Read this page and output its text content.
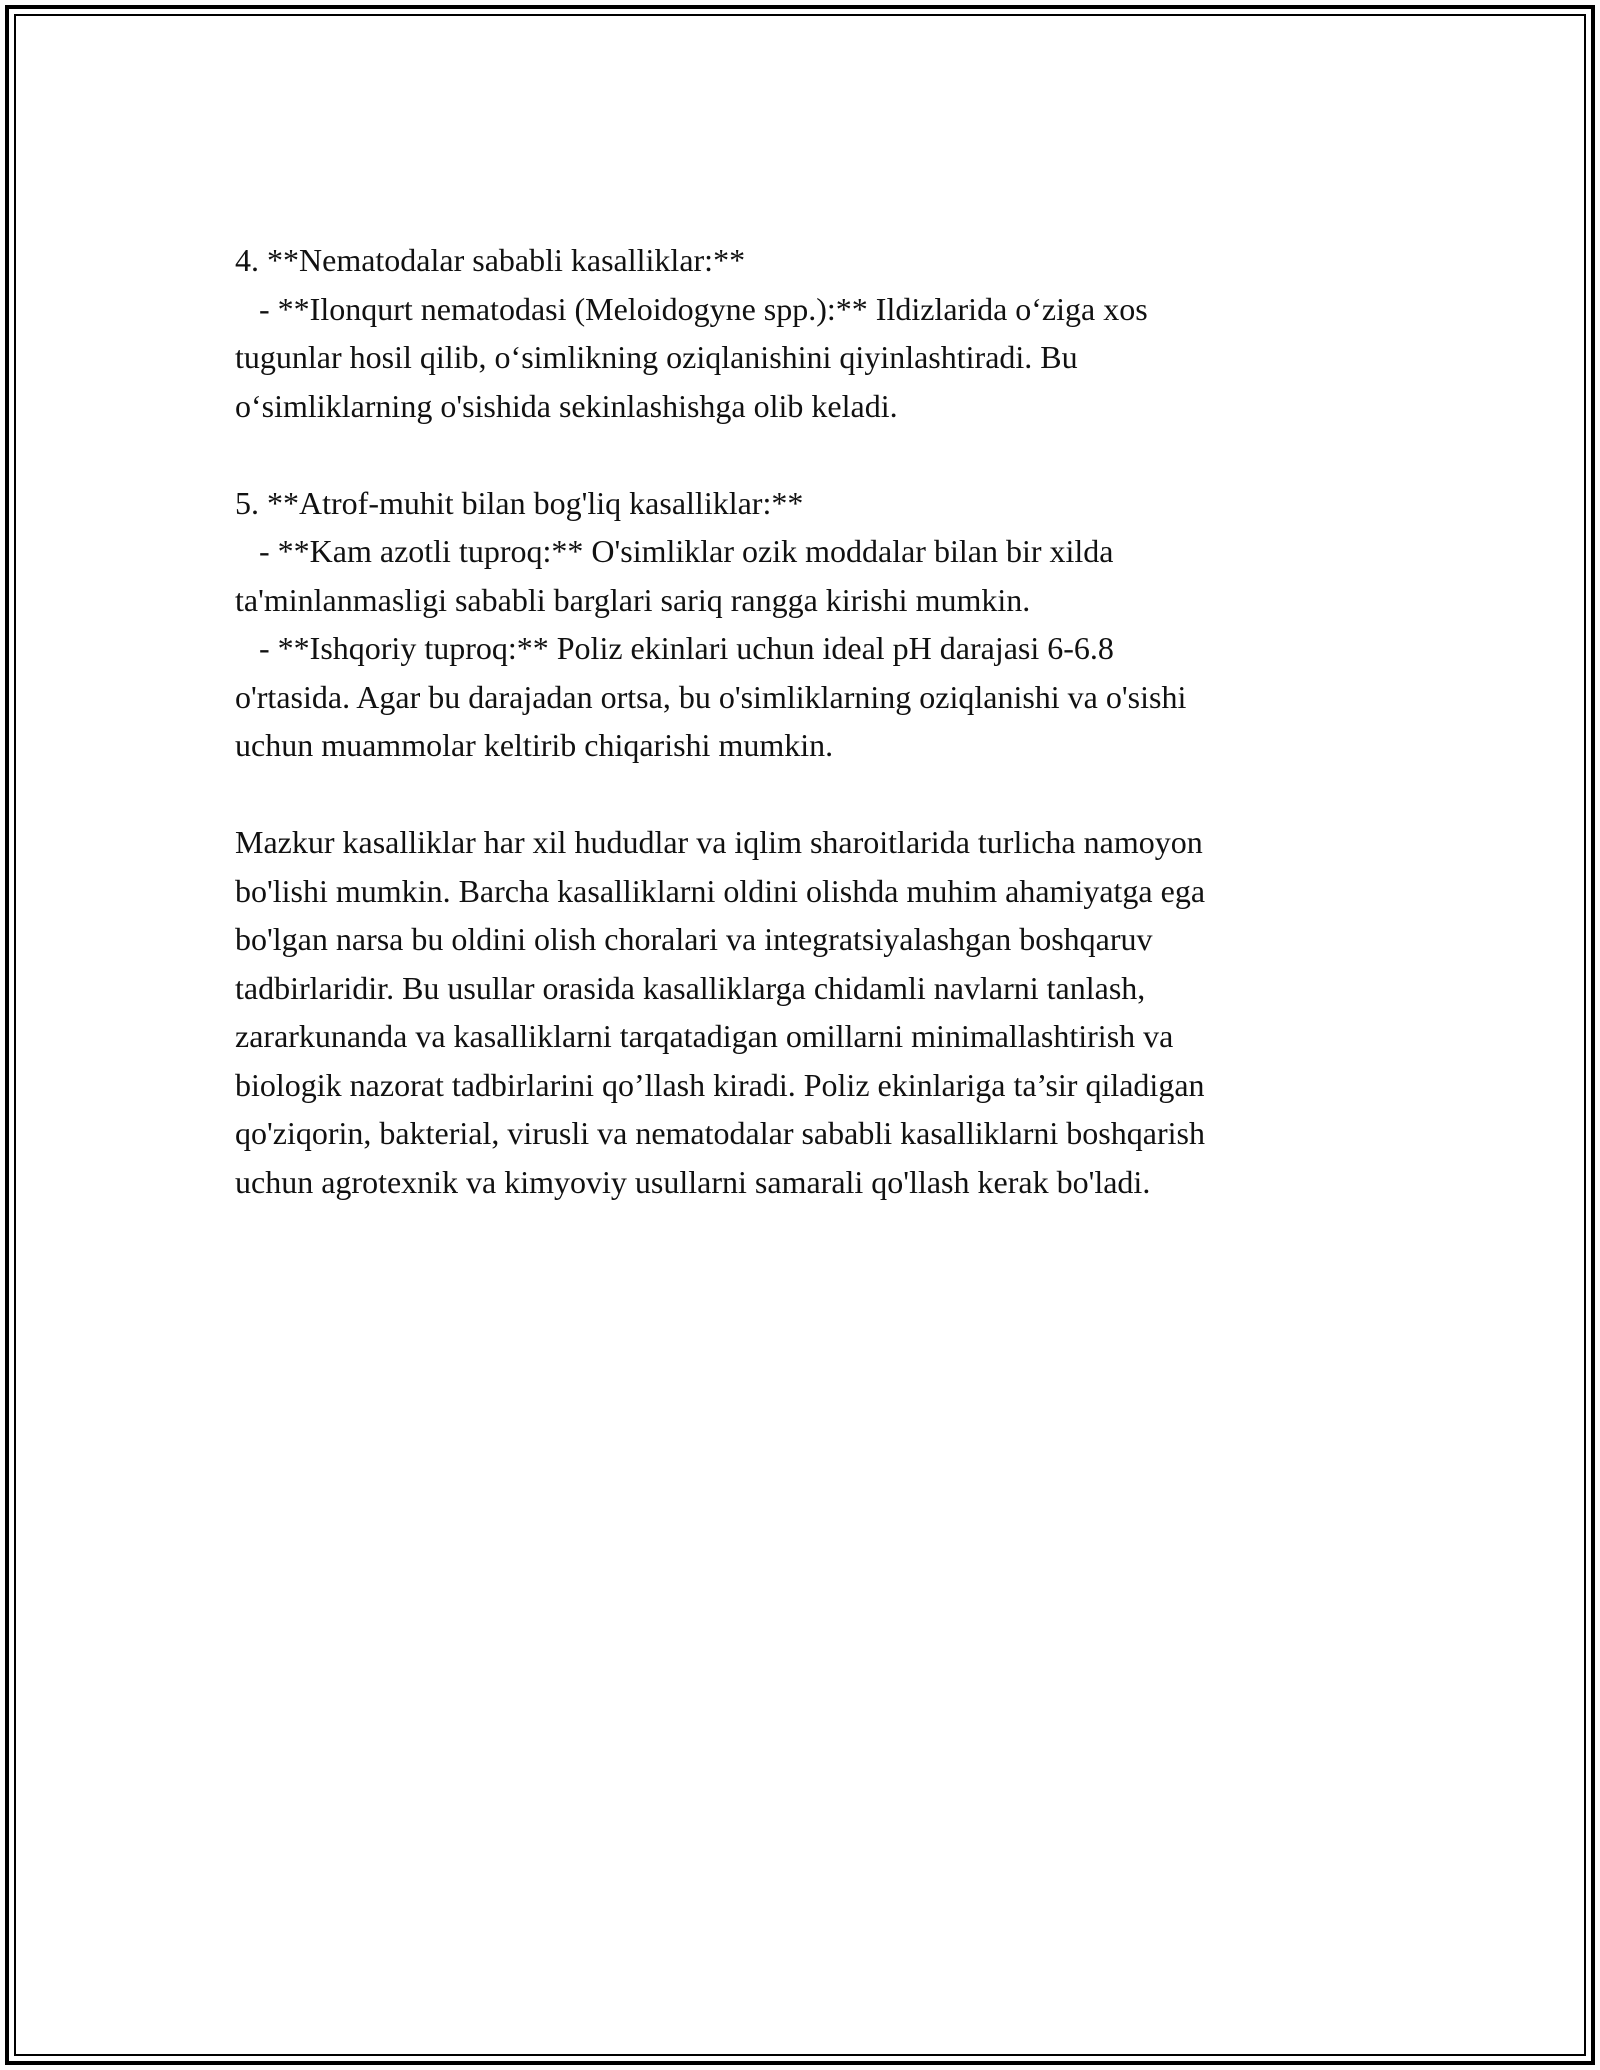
4. **Nematodalar sababli kasalliklar:**

- **Ilonqurt nematodasi (Meloidogyne spp.):** Ildizlarida o‘ziga xos

tugunlar hosil qilib, o‘simlikning oziqlanishini qiyinlashtiradi. Bu

o‘simliklarning o'sishida sekinlashishga olib keladi.

5. **Atrof-muhit bilan bog'liq kasalliklar:**

- **Kam azotli tuproq:** O'simliklar ozik moddalar bilan bir xilda

ta'minlanmasligi sababli barglari sariq rangga kirishi mumkin.

- **Ishqoriy tuproq:** Poliz ekinlari uchun ideal pH darajasi 6-6.8

o'rtasida. Agar bu darajadan ortsa, bu o'simliklarning oziqlanishi va o'sishi

uchun muammolar keltirib chiqarishi mumkin.

Mazkur kasalliklar har xil hududlar va iqlim sharoitlarida turlicha namoyon

bo'lishi mumkin. Barcha kasalliklarni oldini olishda muhim ahamiyatga ega

bo'lgan narsa bu oldini olish choralari va integratsiyalashgan boshqaruv

tadbirlaridir. Bu usullar orasida kasalliklarga chidamli navlarni tanlash,

zararkunanda va kasalliklarni tarqatadigan omillarni minimallashtirish va

biologik nazorat tadbirlarini qo’llash kiradi. Poliz ekinlariga ta’sir qiladigan

qo'ziqorin, bakterial, virusli va nematodalar sababli kasalliklarni boshqarish

uchun agrotexnik va kimyoviy usullarni samarali qo'llash kerak bo'ladi.
